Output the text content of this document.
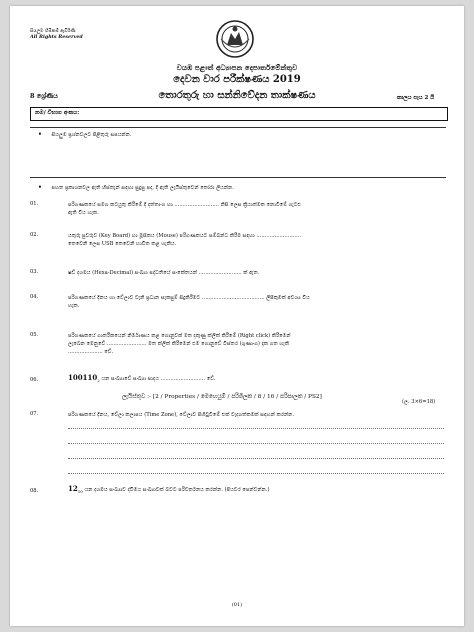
සියලුම හිමිකම් ඇවිරිණි
All Rights Reserved
වයඹ පළාත් අධ්‍යාපන දෙපාර්තමේන්තුව
දෙවන වාර පරීක්ෂණය 2019
තොරතුරු හා සන්නිවේදන තාක්ෂණය
8 ශ්‍රේණිය	කාලය පැය 2 යි
නම/ විභාග අංකය:
• සියලුම ප්‍රශ්නවලට පිළිතුරු සපයන්න.
• පහත ප්‍රකාශනවල ඇති හිස්තැන් සඳහා සුදුසු පද, දී ඇති ලැයිස්තුවෙන් තෝරා ලියන්න.
01.	පරිගණකයේ සමග කටයුතු කිරීමේ දී දත්තාංග හා ........................... නිසි ලෙස ක්‍රියාත්මක නොවීමේ ගැටළු
ඇති විය හැක.
02.	යතුරු පුවරුව (Key Board) හා මූසිකය (Mouse) පරිගණකයට සම්බන්ධ කිරීම සඳහා ...........................
තෙවෙනි ලෙස USB තෙවෙනි භාවිත කළ හැකිය.
03.	ෂඩ් දශමය (Hexa-Decimal) සංඛ්‍යා පද්ධතියේ සංකේතයන් .......................... ක් ඇත.
04.	පරිගණකයේ දිනය හා වේලාව වැනි ප්‍රධාන සැකසුම් සිදුකිරීමට ...................................... ලිපිකුමක් අවශ්‍ය විය
හැක.
05.	පරිගණකයේ ගාර්තිකයෙන් නිර්මාණය කළ ගොනුවක් මත දකුණු ක්ලික් කිරීමේ (Right click) කිරීමෙන්
ලැබෙන මෙනුවේ ........................ මත ක්ලික් කිරීමෙන් එම ගොනුවේ විස්තර (ගුණාංග) දැක ගත හැකි
..................... වේ.
06.	$100110_2$ යන සංඛ්‍යාවේ සංඛ්‍යා පාදය ........................... වේ.
ලැයිස්තුව :- [2 / Properties / මෙහෙයුම් / පරිශීලක / 8 / 16 / පරිපාලක / PS2]
(ල. 3×6=18)
07.	පරිගණකයේ දිනය, වේලා කලාපය (Time Zone), වේලාව පිහිටුවීමේ එක් වැදගත්කමක් සඳහන් කරන්න.
08.	$12_{10}$ යන දශමය සංඛ්‍යාව ද්විමය සංඛ්‍යාවක් බවට පරිවර්තනය කරන්න. (පියවර පෙන්වන්න.)
(01)
